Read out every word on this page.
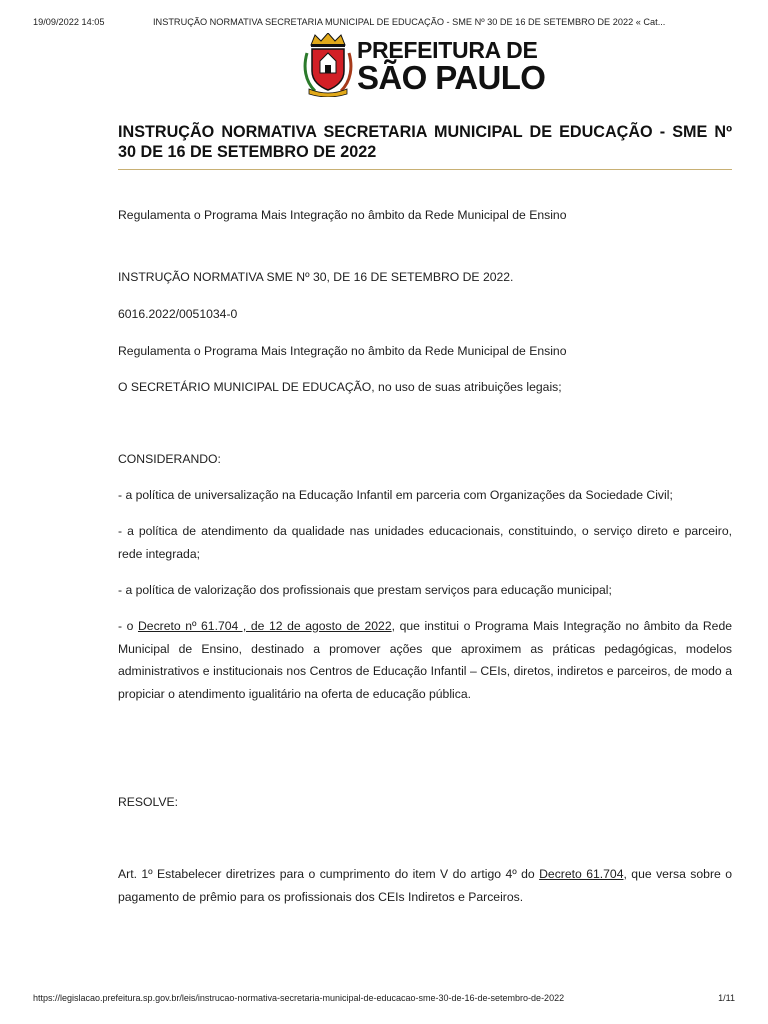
19/09/2022 14:05	INSTRUÇÃO NORMATIVA SECRETARIA MUNICIPAL DE EDUCAÇÃO - SME Nº 30 DE 16 DE SETEMBRO DE 2022 « Cat...
PREFEITURA DE
SÃO PAULO
INSTRUÇÃO NORMATIVA SECRETARIA MUNICIPAL DE EDUCAÇÃO - SME Nº 30 DE 16 DE SETEMBRO DE 2022

Regulamenta o Programa Mais Integração no âmbito da Rede Municipal de Ensino

INSTRUÇÃO NORMATIVA SME Nº 30, DE 16 DE SETEMBRO DE 2022.

6016.2022/0051034-0

Regulamenta o Programa Mais Integração no âmbito da Rede Municipal de Ensino

O SECRETÁRIO MUNICIPAL DE EDUCAÇÃO, no uso de suas atribuições legais;

CONSIDERANDO:

- a política de universalização na Educação Infantil em parceria com Organizações da Sociedade Civil;

- a política de atendimento da qualidade nas unidades educacionais, constituindo, o serviço direto e parceiro, rede integrada;

- a política de valorização dos profissionais que prestam serviços para educação municipal;

- o Decreto nº 61.704 , de 12 de agosto de 2022, que institui o Programa Mais Integração no âmbito da Rede Municipal de Ensino, destinado a promover ações que aproximem as práticas pedagógicas, modelos administrativos e institucionais nos Centros de Educação Infantil – CEIs, diretos, indiretos e parceiros, de modo a propiciar o atendimento igualitário na oferta de educação pública.

RESOLVE:

Art. 1º Estabelecer diretrizes para o cumprimento do item V do artigo 4º do Decreto 61.704, que versa sobre o pagamento de prêmio para os profissionais dos CEIs Indiretos e Parceiros.

https://legislacao.prefeitura.sp.gov.br/leis/instrucao-normativa-secretaria-municipal-de-educacao-sme-30-de-16-de-setembro-de-2022	1/11
